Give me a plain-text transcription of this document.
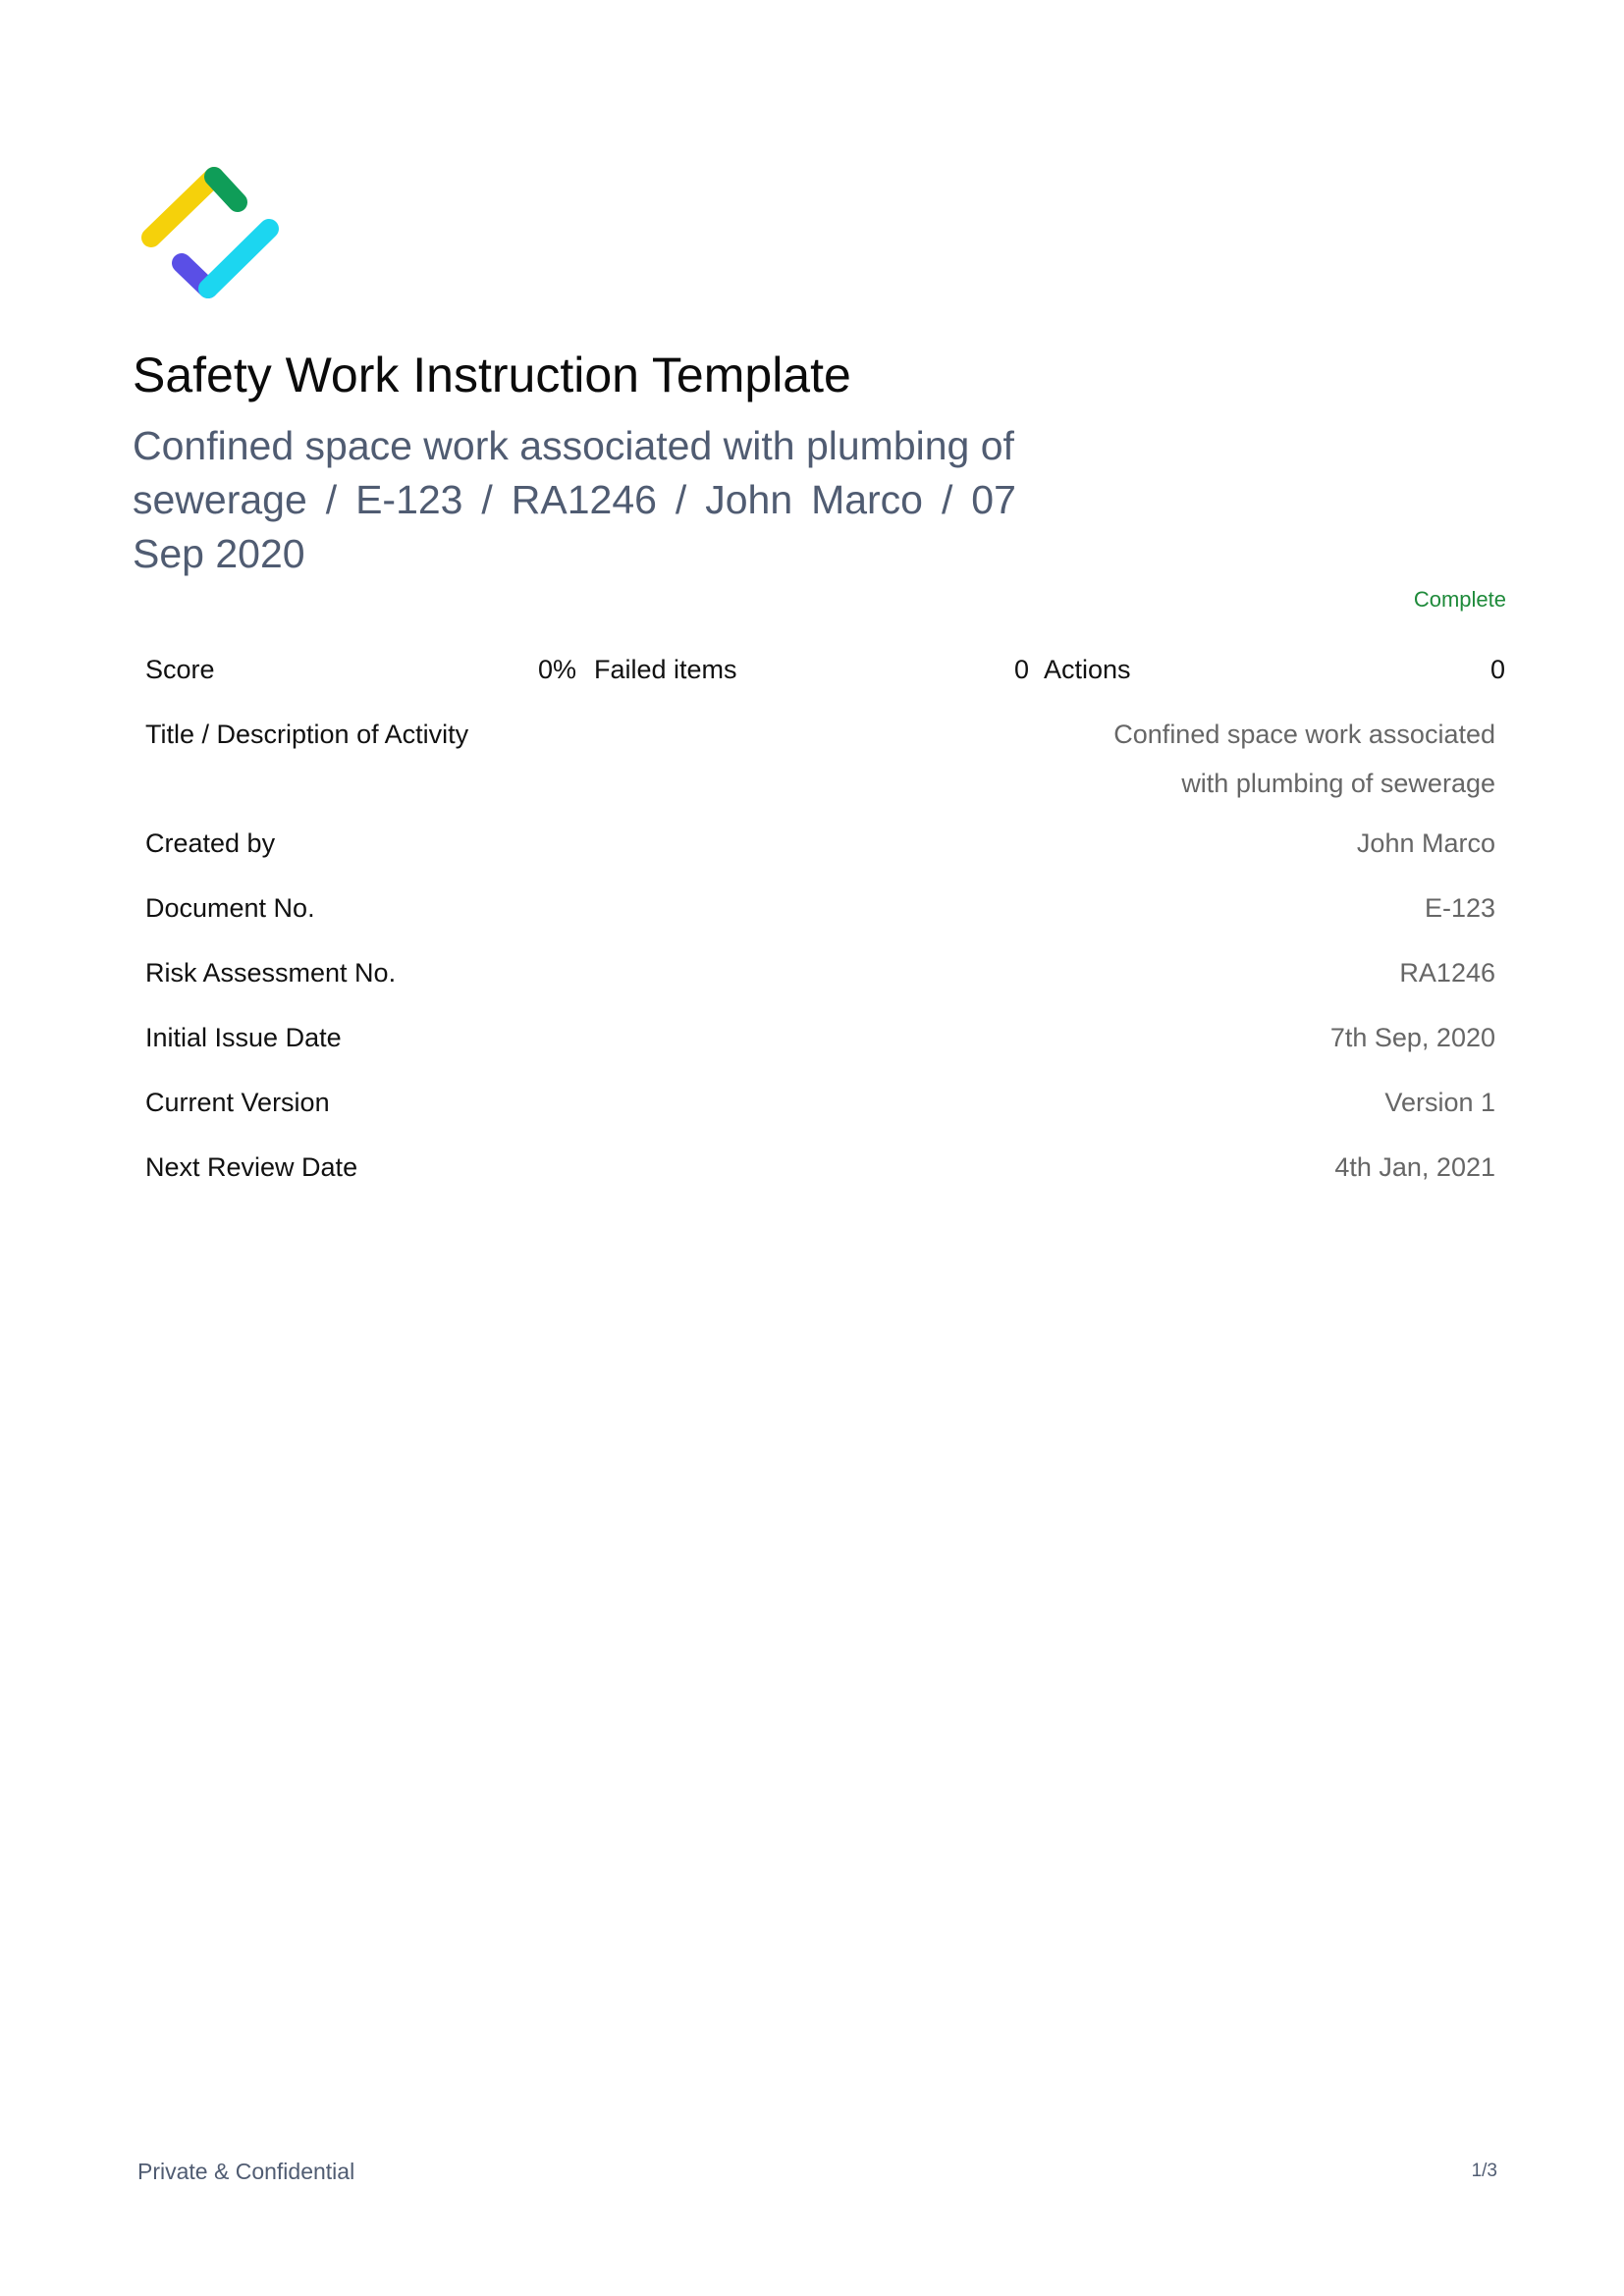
Safety Work Instruction Template
Confined space work associated with plumbing of
sewerage / E-123 / RA1246 / John Marco / 07
Sep 2020
Complete
Score	0% Failed items	0 Actions	0
Title / Description of Activity	Confined space work associated
with plumbing of sewerage
Created by	John Marco
Document No.	E-123
Risk Assessment No.	RA1246
Initial Issue Date	7th Sep, 2020
Current Version	Version 1
Next Review Date	4th Jan, 2021
Private & Confidential	1/3
